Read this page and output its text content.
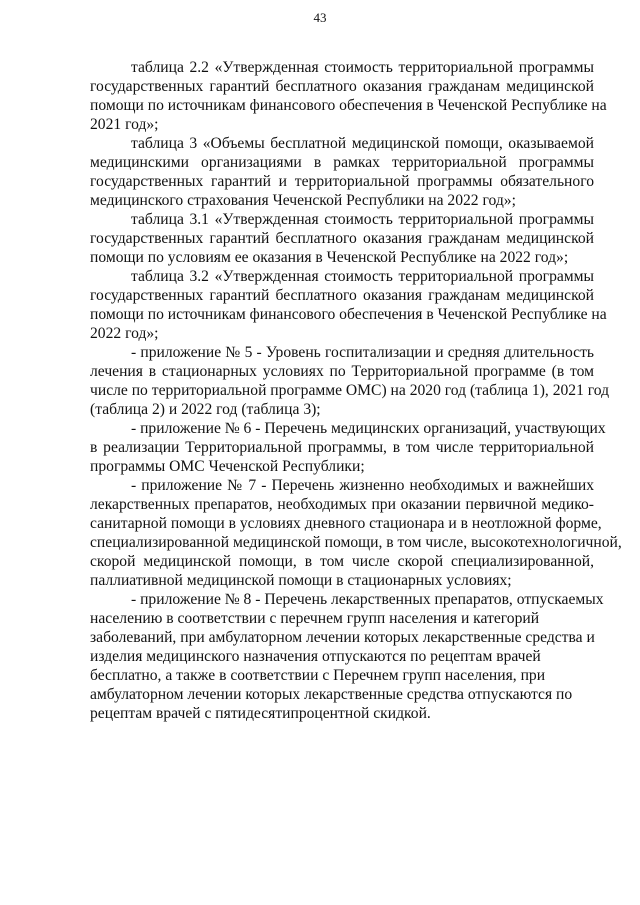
43
таблица 2.2 «Утвержденная стоимость территориальной программы
государственных гарантий бесплатного оказания гражданам медицинской
помощи по источникам финансового обеспечения в Чеченской Республике на
2021 год»;
таблица 3 «Объемы бесплатной медицинской помощи, оказываемой
медицинскими организациями в рамках территориальной программы
государственных гарантий и территориальной программы обязательного
медицинского страхования Чеченской Республики на 2022 год»;
таблица 3.1 «Утвержденная стоимость территориальной программы
государственных гарантий бесплатного оказания гражданам медицинской
помощи по условиям ее оказания в Чеченской Республике на 2022 год»;
таблица 3.2 «Утвержденная стоимость территориальной программы
государственных гарантий бесплатного оказания гражданам медицинской
помощи по источникам финансового обеспечения в Чеченской Республике на
2022 год»;
- приложение № 5 - Уровень госпитализации и средняя длительность
лечения в стационарных условиях по Территориальной программе (в том
числе по территориальной программе ОМС) на 2020 год (таблица 1), 2021 год
(таблица 2) и 2022 год (таблица 3);
- приложение № 6 - Перечень медицинских организаций, участвующих
в реализации Территориальной программы, в том числе территориальной
программы ОМС Чеченской Республики;
- приложение № 7 - Перечень жизненно необходимых и важнейших
лекарственных препаратов, необходимых при оказании первичной медико-
санитарной помощи в условиях дневного стационара и в неотложной форме,
специализированной медицинской помощи, в том числе, высокотехнологичной,
скорой медицинской помощи, в том числе скорой специализированной,
паллиативной медицинской помощи в стационарных условиях;
- приложение № 8 - Перечень лекарственных препаратов, отпускаемых
населению в соответствии с перечнем групп населения и категорий
заболеваний, при амбулаторном лечении которых лекарственные средства и
изделия медицинского назначения отпускаются по рецептам врачей
бесплатно, а также в соответствии с Перечнем групп населения, при
амбулаторном лечении которых лекарственные средства отпускаются по
рецептам врачей с пятидесятипроцентной скидкой.
